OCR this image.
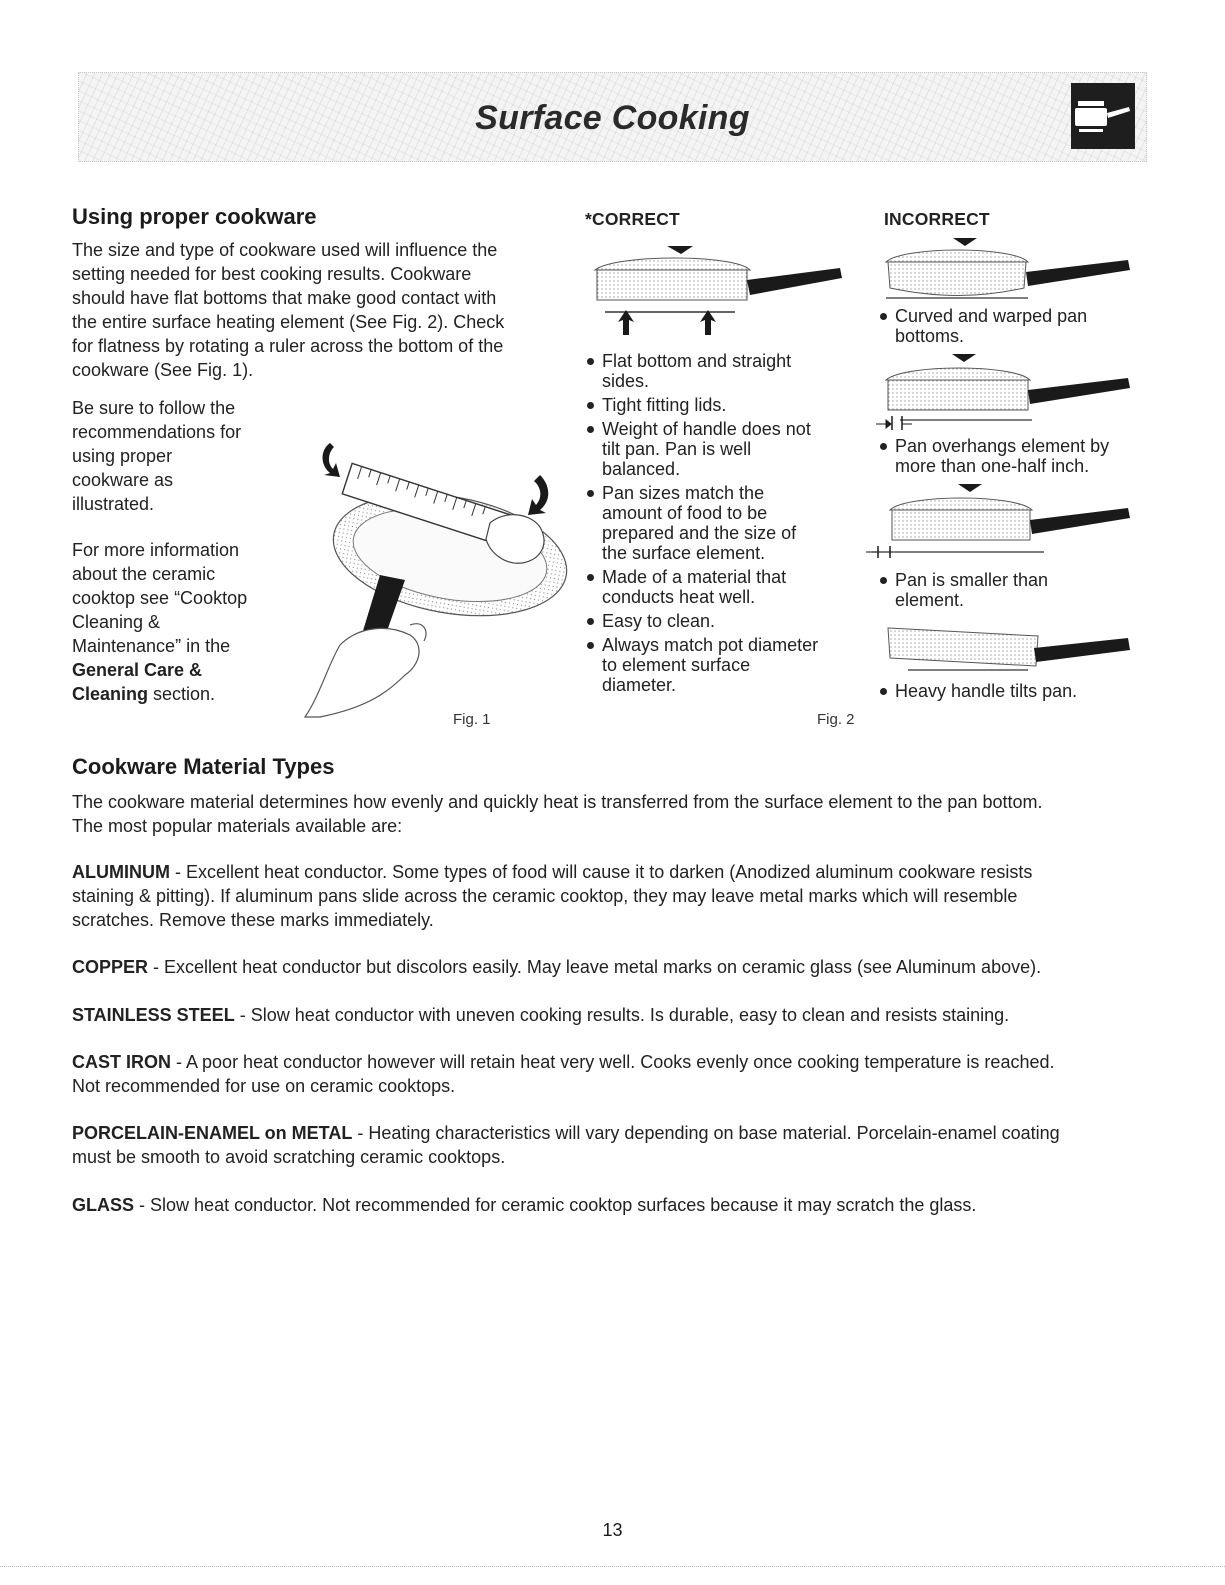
Surface Cooking
Using proper cookware
The size and type of cookware used will influence the
setting needed for best cooking results. Cookware
should have flat bottoms that make good contact with
the entire surface heating element (See Fig. 2). Check
for flatness by rotating a ruler across the bottom of the
cookware (See Fig. 1).
Be sure to follow the
recommendations for
using proper
cookware as
illustrated.
For more information
about the ceramic
cooktop see “Cooktop
Cleaning &
Maintenance” in the
General Care &
Cleaning section.
Fig. 1
*CORRECT
Flat bottom and straight
sides.
Tight fitting lids.
Weight of handle does not
tilt pan. Pan is well
balanced.
Pan sizes match the
amount of food to be
prepared and the size of
the surface element.
Made of a material that
conducts heat well.
Easy to clean.
Always match pot diameter
to element surface
diameter.
Fig. 2
INCORRECT
Curved and warped pan
bottoms.
Pan overhangs element by
more than one-half inch.
Pan is smaller than
element.
Heavy handle tilts pan.
Cookware Material Types
The cookware material determines how evenly and quickly heat is transferred from the surface element to the pan bottom.
The most popular materials available are:
ALUMINUM - Excellent heat conductor. Some types of food will cause it to darken (Anodized aluminum cookware resists
staining & pitting). If aluminum pans slide across the ceramic cooktop, they may leave metal marks which will resemble
scratches. Remove these marks immediately.
COPPER - Excellent heat conductor but discolors easily. May leave metal marks on ceramic glass (see Aluminum above).
STAINLESS STEEL - Slow heat conductor with uneven cooking results. Is durable, easy to clean and resists staining.
CAST IRON - A poor heat conductor however will retain heat very well. Cooks evenly once cooking temperature is reached.
Not recommended for use on ceramic cooktops.
PORCELAIN-ENAMEL on METAL - Heating characteristics will vary depending on base material. Porcelain-enamel coating
must be smooth to avoid scratching ceramic cooktops.
GLASS - Slow heat conductor. Not recommended for ceramic cooktop surfaces because it may scratch the glass.
13
